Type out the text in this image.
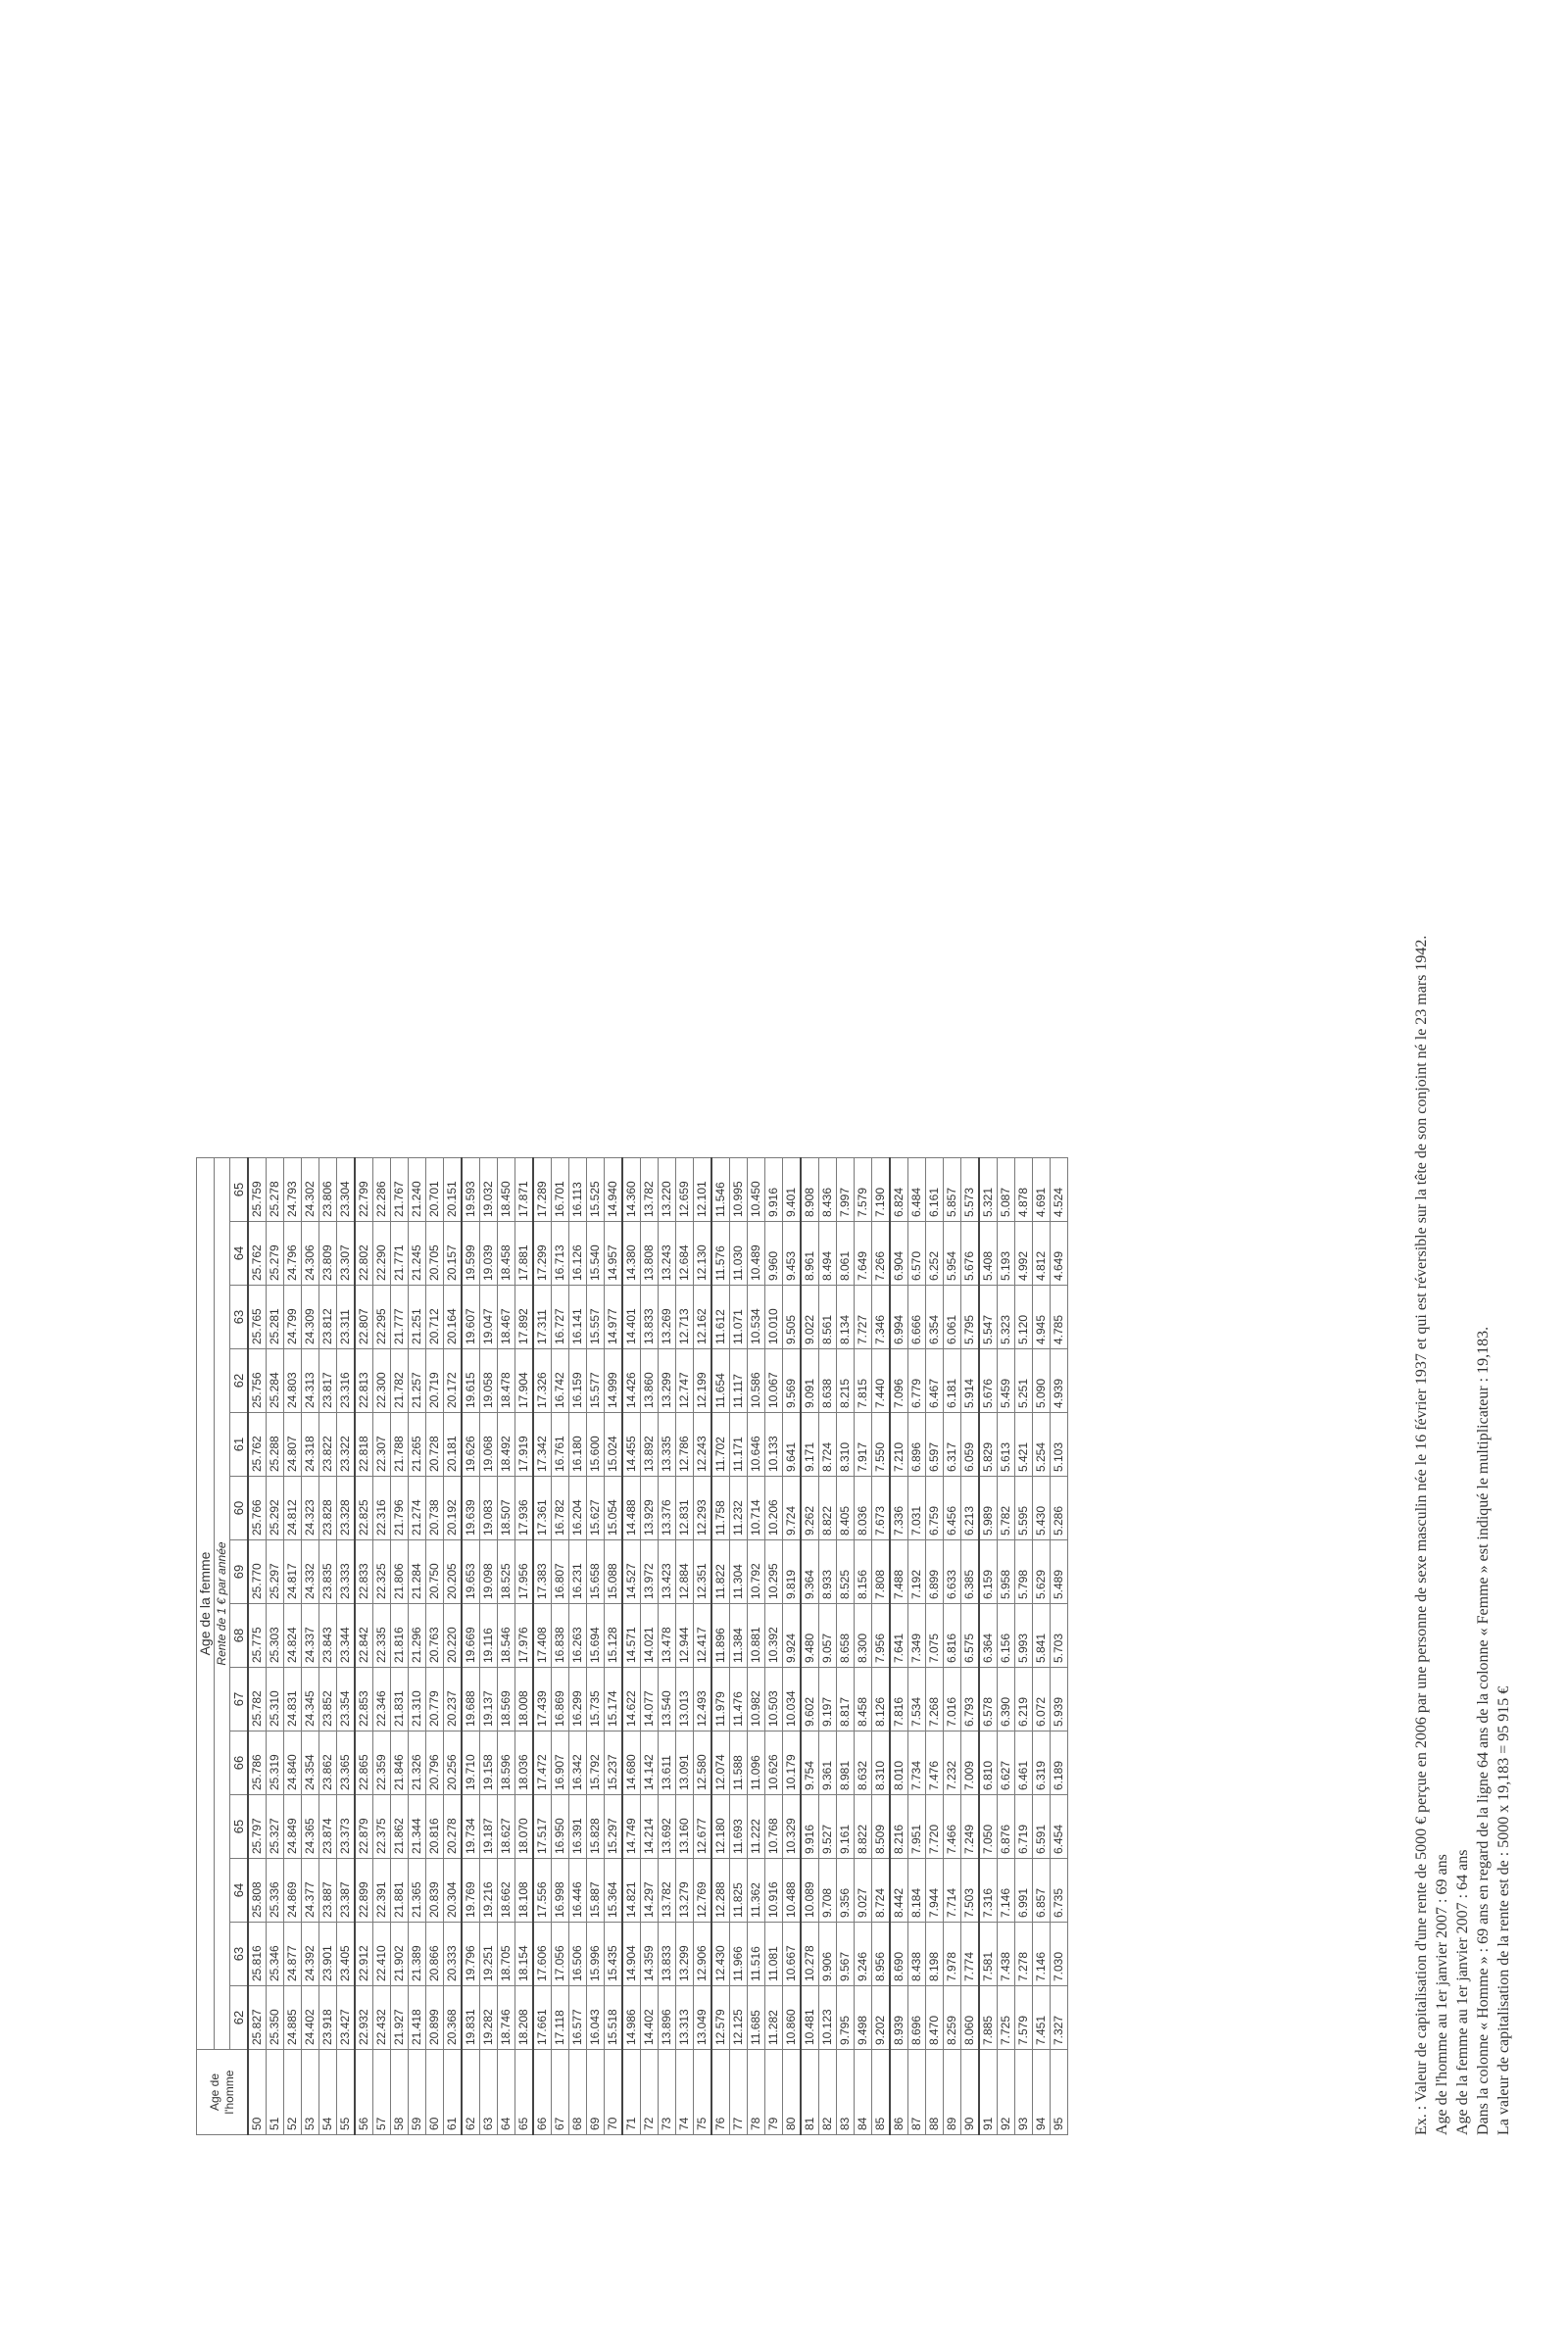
Age de l'homme	Age de la femme													
	Rente de 1 € par année													
	62	63	64	65	66	67	68	69	60	61	62	63	64	65
50	25.827	25.816	25.808	25.797	25.786	25.782	25.775	25.770	25.766	25.762	25.756	25.765	25.762	25.759
51	25.350	25.346	25.336	25.327	25.319	25.310	25.303	25.297	25.292	25.288	25.284	25.281	25.279	25.278
52	24.885	24.877	24.869	24.849	24.840	24.831	24.824	24.817	24.812	24.807	24.803	24.799	24.796	24.793
53	24.402	24.392	24.377	24.365	24.354	24.345	24.337	24.332	24.323	24.318	24.313	24.309	24.306	24.302
54	23.918	23.901	23.887	23.874	23.862	23.852	23.843	23.835	23.828	23.822	23.817	23.812	23.809	23.806
55	23.427	23.405	23.387	23.373	23.365	23.354	23.344	23.333	23.328	23.322	23.316	23.311	23.307	23.304
56	22.932	22.912	22.899	22.879	22.865	22.853	22.842	22.833	22.825	22.818	22.813	22.807	22.802	22.799
57	22.432	22.410	22.391	22.375	22.359	22.346	22.335	22.325	22.316	22.307	22.300	22.295	22.290	22.286
58	21.927	21.902	21.881	21.862	21.846	21.831	21.816	21.806	21.796	21.788	21.782	21.777	21.771	21.767
59	21.418	21.389	21.365	21.344	21.326	21.310	21.296	21.284	21.274	21.265	21.257	21.251	21.245	21.240
60	20.899	20.866	20.839	20.816	20.796	20.779	20.763	20.750	20.738	20.728	20.719	20.712	20.705	20.701
61	20.368	20.333	20.304	20.278	20.256	20.237	20.220	20.205	20.192	20.181	20.172	20.164	20.157	20.151
62	19.831	19.796	19.769	19.734	19.710	19.688	19.669	19.653	19.639	19.626	19.615	19.607	19.599	19.593
63	19.282	19.251	19.216	19.187	19.158	19.137	19.116	19.098	19.083	19.068	19.058	19.047	19.039	19.032
64	18.746	18.705	18.662	18.627	18.596	18.569	18.546	18.525	18.507	18.492	18.478	18.467	18.458	18.450
65	18.208	18.154	18.108	18.070	18.036	18.008	17.976	17.956	17.936	17.919	17.904	17.892	17.881	17.871
66	17.661	17.606	17.556	17.517	17.472	17.439	17.408	17.383	17.361	17.342	17.326	17.311	17.299	17.289
67	17.118	17.056	16.998	16.950	16.907	16.869	16.838	16.807	16.782	16.761	16.742	16.727	16.713	16.701
68	16.577	16.506	16.446	16.391	16.342	16.299	16.263	16.231	16.204	16.180	16.159	16.141	16.126	16.113
69	16.043	15.996	15.887	15.828	15.792	15.735	15.694	15.658	15.627	15.600	15.577	15.557	15.540	15.525
70	15.518	15.435	15.364	15.297	15.237	15.174	15.128	15.088	15.054	15.024	14.999	14.977	14.957	14.940
71	14.986	14.904	14.821	14.749	14.680	14.622	14.571	14.527	14.488	14.455	14.426	14.401	14.380	14.360
72	14.402	14.359	14.297	14.214	14.142	14.077	14.021	13.972	13.929	13.892	13.860	13.833	13.808	13.782
73	13.896	13.833	13.782	13.692	13.611	13.540	13.478	13.423	13.376	13.335	13.299	13.269	13.243	13.220
74	13.313	13.299	13.279	13.160	13.091	13.013	12.944	12.884	12.831	12.786	12.747	12.713	12.684	12.659
75	13.049	12.906	12.769	12.677	12.580	12.493	12.417	12.351	12.293	12.243	12.199	12.162	12.130	12.101
76	12.579	12.430	12.288	12.180	12.074	11.979	11.896	11.822	11.758	11.702	11.654	11.612	11.576	11.546
77	12.125	11.966	11.825	11.693	11.588	11.476	11.384	11.304	11.232	11.171	11.117	11.071	11.030	10.995
78	11.685	11.516	11.362	11.222	11.096	10.982	10.881	10.792	10.714	10.646	10.586	10.534	10.489	10.450
79	11.282	11.081	10.916	10.768	10.626	10.503	10.392	10.295	10.206	10.133	10.067	10.010	9.960	9.916
80	10.860	10.667	10.488	10.329	10.179	10.034	9.924	9.819	9.724	9.641	9.569	9.505	9.453	9.401
81	10.481	10.278	10.089	9.916	9.754	9.602	9.480	9.364	9.262	9.171	9.091	9.022	8.961	8.908
82	10.123	9.906	9.708	9.527	9.361	9.197	9.057	8.933	8.822	8.724	8.638	8.561	8.494	8.436
83	9.795	9.567	9.356	9.161	8.981	8.817	8.658	8.525	8.405	8.310	8.215	8.134	8.061	7.997
84	9.498	9.246	9.027	8.822	8.632	8.458	8.300	8.156	8.036	7.917	7.815	7.727	7.649	7.579
85	9.202	8.956	8.724	8.509	8.310	8.126	7.956	7.808	7.673	7.550	7.440	7.346	7.266	7.190
86	8.939	8.690	8.442	8.216	8.010	7.816	7.641	7.488	7.336	7.210	7.096	6.994	6.904	6.824
87	8.696	8.438	8.184	7.951	7.734	7.534	7.349	7.192	7.031	6.896	6.779	6.666	6.570	6.484
88	8.470	8.198	7.944	7.720	7.476	7.268	7.075	6.899	6.759	6.597	6.467	6.354	6.252	6.161
89	8.259	7.978	7.714	7.466	7.232	7.016	6.816	6.633	6.456	6.317	6.181	6.061	5.954	5.857
90	8.060	7.774	7.503	7.249	7.009	6.793	6.575	6.385	6.213	6.059	5.914	5.795	5.676	5.573
91	7.885	7.581	7.316	7.050	6.810	6.578	6.364	6.159	5.989	5.829	5.676	5.547	5.408	5.321
92	7.725	7.438	7.146	6.876	6.627	6.390	6.156	5.958	5.782	5.613	5.459	5.323	5.193	5.087
93	7.579	7.278	6.991	6.719	6.461	6.219	5.993	5.798	5.595	5.421	5.251	5.120	4.992	4.878
94	7.451	7.146	6.857	6.591	6.319	6.072	5.841	5.629	5.430	5.254	5.090	4.945	4.812	4.691
95	7.327	7.030	6.735	6.454	6.189	5.939	5.703	5.489	5.286	5.103	4.939	4.785	4.649	4.524	Ex. : Valeur de capitalisation d'une rente de 5000 € perçue en 2006 par une personne de sexe masculin née le 16 février 1937 et qui est réversible sur la tête de son conjoint né le 23 mars 1942. Age de l'homme au 1er janvier 2007 : 69 ans Age de la femme au 1er janvier 2007 : 64 ans Dans la colonne « Homme » : 69 ans en regard de la ligne 64 ans de la colonne « Femme » est indiqué le multiplicateur : 19,183. La valeur de capitalisation de la rente est de : 5000 x 19,183 = 95 915 €
